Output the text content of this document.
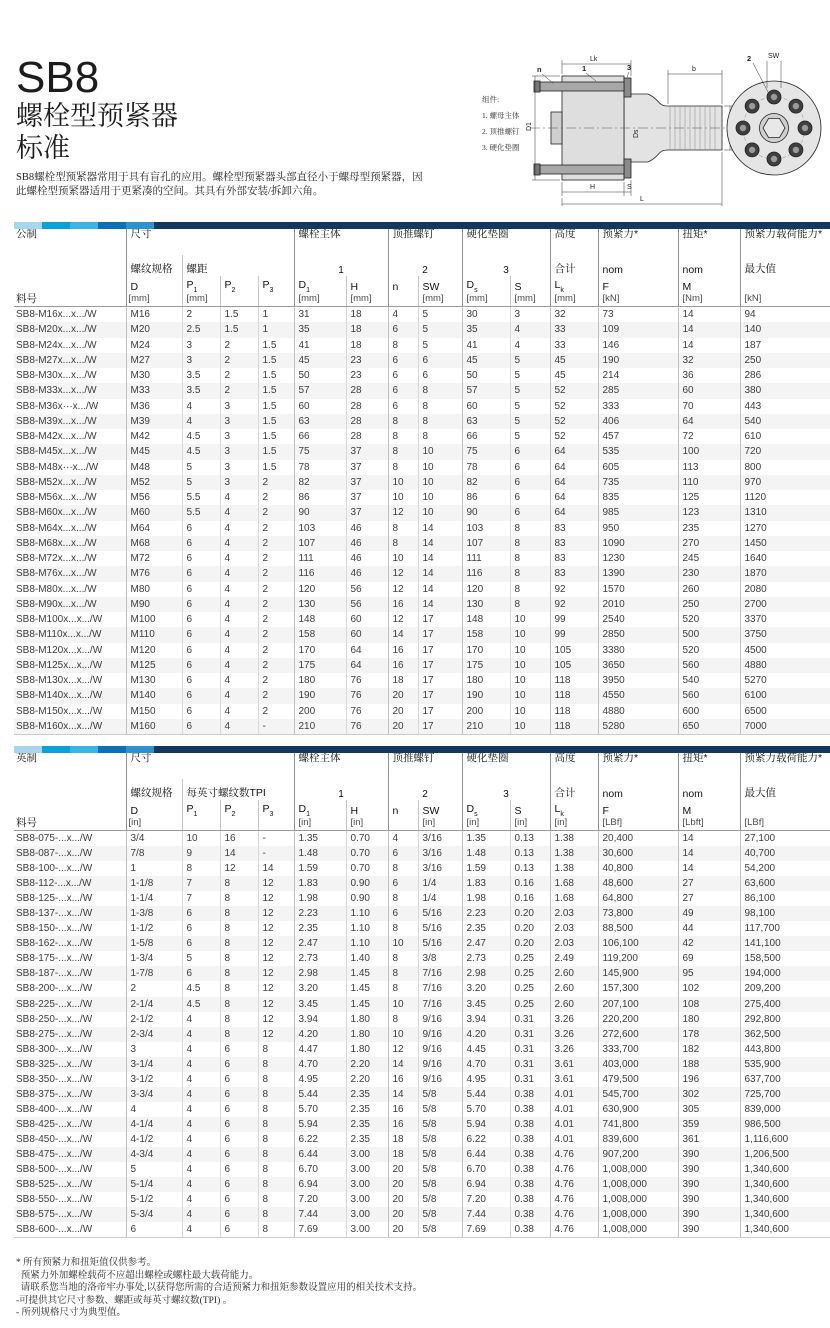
SB8
螺栓型预紧器
标准
SB8螺栓型预紧器常用于具有盲孔的应用。螺栓型预紧器头部直径小于螺母型预紧器，因此螺栓型预紧器适用于更紧凑的空间。其具有外部安装/拆卸六角。
组件:
1. 螺母主体
2. 顶推螺钉
3. 硬化垫圈
Lk
n	1	3	b
D1
Ds
H	S
L
2 SW
公制	尺寸				螺栓主体		顶推螺钉		硬化垫圈		高度	预紧力*	扭矩*	预紧力载荷能力*
	螺纹规格	螺距			1		2		3		合计	nom	nom	最大值
料号	D	$P_1$	$P_2$	$P_3$	$D_1$	H	n	SW	$D_s$	S	$L_k$	F	M	
	[mm]	[mm]			[mm]	[mm]		[mm]	[mm]	[mm]	[mm]	[kN]	[Nm]	[kN]
SB8-M16x...x.../W	M16	2	1.5	1	31	18	4	5	30	3	32	73	14	94
SB8-M20x...x.../W	M20	2.5	1.5	1	35	18	6	5	35	4	33	109	14	140
SB8-M24x...x.../W	M24	3	2	1.5	41	18	8	5	41	4	33	146	14	187
SB8-M27x...x.../W	M27	3	2	1.5	45	23	6	6	45	5	45	190	32	250
SB8-M30x...x.../W	M30	3.5	2	1.5	50	23	6	6	50	5	45	214	36	286
SB8-M33x...x.../W	M33	3.5	2	1.5	57	28	6	8	57	5	52	285	60	380
SB8-M36x···x.../W	M36	4	3	1.5	60	28	6	8	60	5	52	333	70	443
SB8-M39x...x.../W	M39	4	3	1.5	63	28	8	8	63	5	52	406	64	540
SB8-M42x...x.../W	M42	4.5	3	1.5	66	28	8	8	66	5	52	457	72	610
SB8-M45x...x.../W	M45	4.5	3	1.5	75	37	8	10	75	6	64	535	100	720
SB8-M48x···x.../W	M48	5	3	1.5	78	37	8	10	78	6	64	605	113	800
SB8-M52x...x.../W	M52	5	3	2	82	37	10	10	82	6	64	735	110	970
SB8-M56x...x.../W	M56	5.5	4	2	86	37	10	10	86	6	64	835	125	1120
SB8-M60x...x.../W	M60	5.5	4	2	90	37	12	10	90	6	64	985	123	1310
SB8-M64x...x.../W	M64	6	4	2	103	46	8	14	103	8	83	950	235	1270
SB8-M68x...x.../W	M68	6	4	2	107	46	8	14	107	8	83	1090	270	1450
SB8-M72x...x.../W	M72	6	4	2	111	46	10	14	111	8	83	1230	245	1640
SB8-M76x...x.../W	M76	6	4	2	116	46	12	14	116	8	83	1390	230	1870
SB8-M80x...x.../W	M80	6	4	2	120	56	12	14	120	8	92	1570	260	2080
SB8-M90x...x.../W	M90	6	4	2	130	56	16	14	130	8	92	2010	250	2700
SB8-M100x...x.../W	M100	6	4	2	148	60	12	17	148	10	99	2540	520	3370
SB8-M110x...x.../W	M110	6	4	2	158	60	14	17	158	10	99	2850	500	3750
SB8-M120x...x.../W	M120	6	4	2	170	64	16	17	170	10	105	3380	520	4500
SB8-M125x...x.../W	M125	6	4	2	175	64	16	17	175	10	105	3650	560	4880
SB8-M130x...x.../W	M130	6	4	2	180	76	18	17	180	10	118	3950	540	5270
SB8-M140x...x.../W	M140	6	4	2	190	76	20	17	190	10	118	4550	560	6100
SB8-M150x...x.../W	M150	6	4	2	200	76	20	17	200	10	118	4880	600	6500
SB8-M160x...x.../W	M160	6	4	-	210	76	20	17	210	10	118	5280	650	7000
英制	尺寸				螺栓主体		顶推螺钉		硬化垫圈		高度	预紧力*	扭矩*	预紧力载荷能力*
	螺纹规格	每英寸螺纹数TPI			1		2		3		合计	nom	nom	最大值
料号	D	$P_1$	$P_2$	$P_3$	$D_1$	H	n	SW	$D_s$	S	$L_k$	F	M	
	[in]				[in]	[in]		[in]	[in]	[in]	[in]	[LBf]	[Lbft]	[LBf]
SB8-075-...x.../W	3/4	10	16	-	1.35	0.70	4	3/16	1.35	0.13	1.38	20,400	14	27,100
SB8-087-...x.../W	7/8	9	14	-	1.48	0.70	6	3/16	1.48	0.13	1.38	30,600	14	40,700
SB8-100-...x.../W	1	8	12	14	1.59	0.70	8	3/16	1.59	0.13	1.38	40,800	14	54,200
SB8-112-...x.../W	1-1/8	7	8	12	1.83	0.90	6	1/4	1.83	0.16	1.68	48,600	27	63,600
SB8-125-...x.../W	1-1/4	7	8	12	1.98	0.90	8	1/4	1.98	0.16	1.68	64,800	27	86,100
SB8-137-...x.../W	1-3/8	6	8	12	2.23	1.10	6	5/16	2.23	0.20	2.03	73,800	49	98,100
SB8-150-...x.../W	1-1/2	6	8	12	2.35	1.10	8	5/16	2.35	0.20	2.03	88,500	44	117,700
SB8-162-...x.../W	1-5/8	6	8	12	2.47	1.10	10	5/16	2.47	0.20	2.03	106,100	42	141,100
SB8-175-...x.../W	1-3/4	5	8	12	2.73	1.40	8	3/8	2.73	0.25	2.49	119,200	69	158,500
SB8-187-...x.../W	1-7/8	6	8	12	2.98	1.45	8	7/16	2.98	0.25	2.60	145,900	95	194,000
SB8-200-...x.../W	2	4.5	8	12	3.20	1.45	8	7/16	3.20	0.25	2.60	157,300	102	209,200
SB8-225-...x.../W	2-1/4	4.5	8	12	3.45	1.45	10	7/16	3.45	0.25	2.60	207,100	108	275,400
SB8-250-...x.../W	2-1/2	4	8	12	3.94	1.80	8	9/16	3.94	0.31	3.26	220,200	180	292,800
SB8-275-...x.../W	2-3/4	4	8	12	4.20	1.80	10	9/16	4.20	0.31	3.26	272,600	178	362,500
SB8-300-...x.../W	3	4	6	8	4.47	1.80	12	9/16	4.45	0.31	3.26	333,700	182	443,800
SB8-325-...x.../W	3-1/4	4	6	8	4.70	2.20	14	9/16	4.70	0.31	3.61	403,000	188	535,900
SB8-350-...x.../W	3-1/2	4	6	8	4.95	2.20	16	9/16	4.95	0.31	3.61	479,500	196	637,700
SB8-375-...x.../W	3-3/4	4	6	8	5.44	2.35	14	5/8	5.44	0.38	4.01	545,700	302	725,700
SB8-400-...x.../W	4	4	6	8	5.70	2.35	16	5/8	5.70	0.38	4.01	630,900	305	839,000
SB8-425-...x.../W	4-1/4	4	6	8	5.94	2.35	16	5/8	5.94	0.38	4.01	741,800	359	986,500
SB8-450-...x.../W	4-1/2	4	6	8	6.22	2.35	18	5/8	6.22	0.38	4.01	839,600	361	1,116,600
SB8-475-...x.../W	4-3/4	4	6	8	6.44	3.00	18	5/8	6.44	0.38	4.76	907,200	390	1,206,500
SB8-500-...x.../W	5	4	6	8	6.70	3.00	20	5/8	6.70	0.38	4.76	1,008,000	390	1,340,600
SB8-525-...x.../W	5-1/4	4	6	8	6.94	3.00	20	5/8	6.94	0.38	4.76	1,008,000	390	1,340,600
SB8-550-...x.../W	5-1/2	4	6	8	7.20	3.00	20	5/8	7.20	0.38	4.76	1,008,000	390	1,340,600
SB8-575-...x.../W	5-3/4	4	6	8	7.44	3.00	20	5/8	7.44	0.38	4.76	1,008,000	390	1,340,600
SB8-600-...x.../W	6	4	6	8	7.69	3.00	20	5/8	7.69	0.38	4.76	1,008,000	390	1,340,600
* 所有预紧力和扭矩值仅供参考。
预紧力外加螺栓载荷不应超出螺栓或螺柱最大载荷能力。
请联系您当地的洛帝牢办事处,以获得您所需的合适预紧力和扭矩参数设置应用的相关技术支持。
-可提供其它尺寸参数、螺距或每英寸螺纹数(TPI) 。
- 所列规格尺寸为典型值。
